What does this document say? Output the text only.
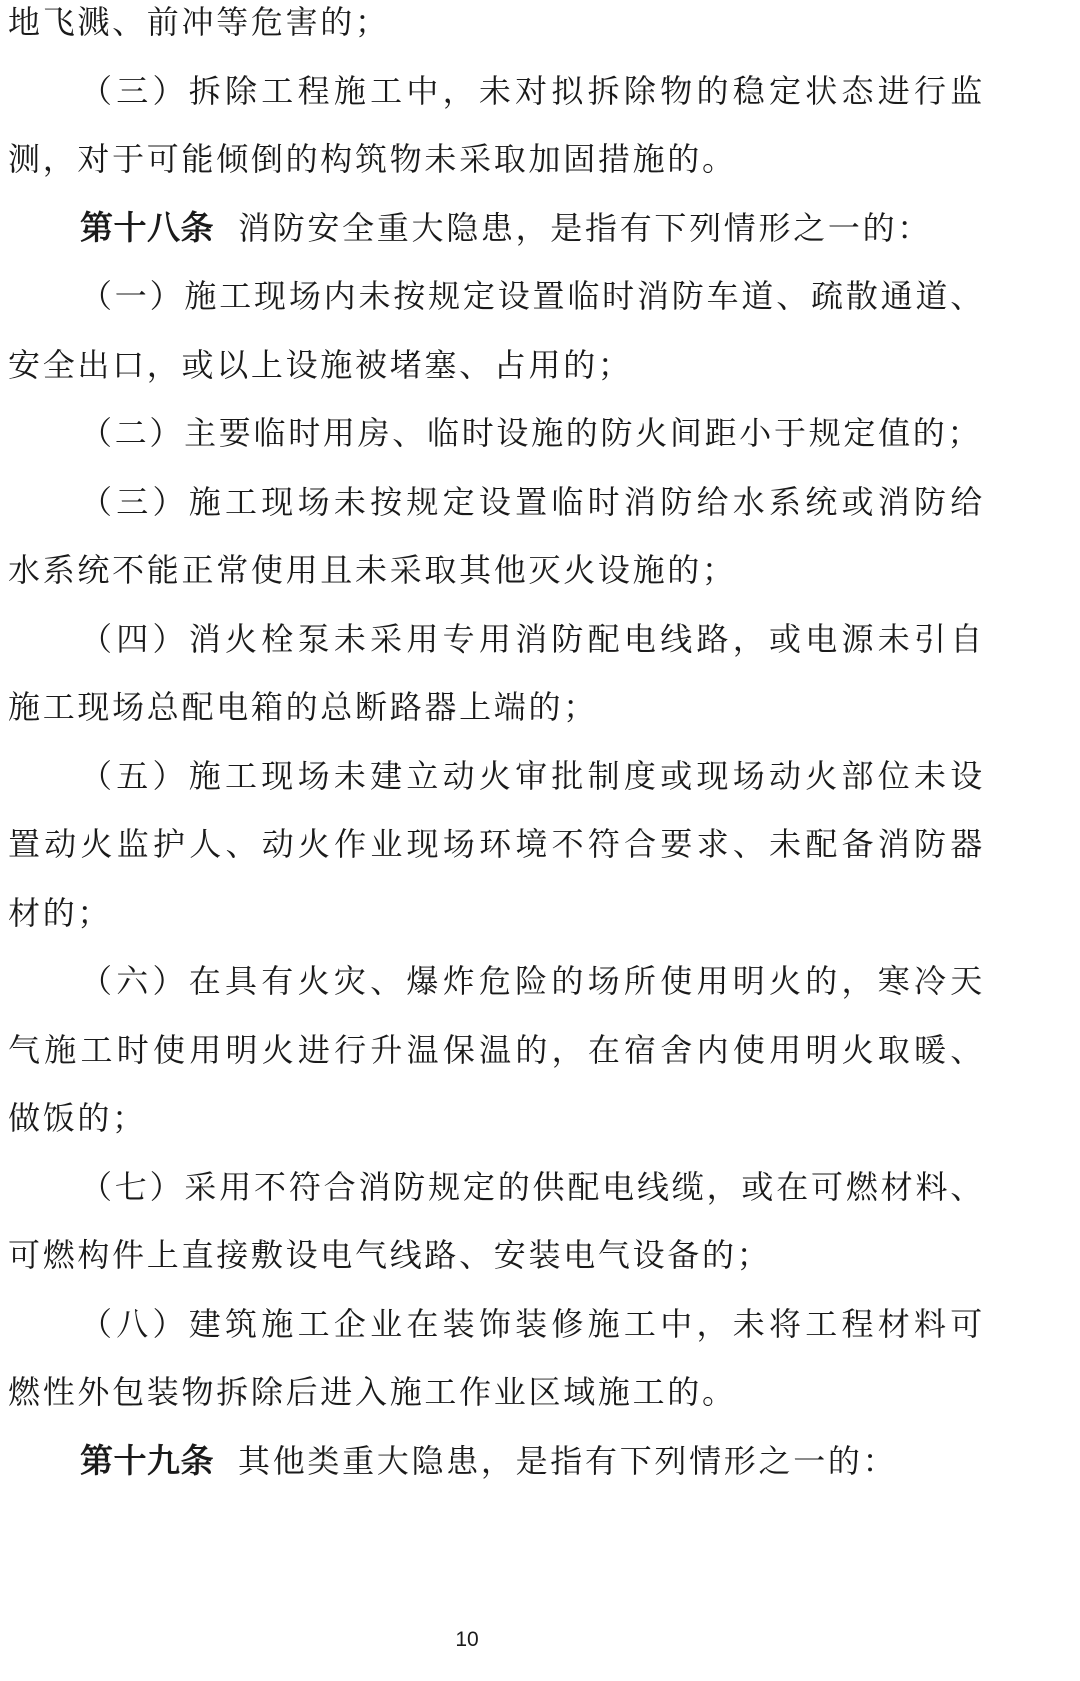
地飞溅、前冲等危害的；
（三）拆除工程施工中，未对拟拆除物的稳定状态进行监
测，对于可能倾倒的构筑物未采取加固措施的。
第十八条 消防安全重大隐患，是指有下列情形之一的：
（一）施工现场内未按规定设置临时消防车道、疏散通道、
安全出口，或以上设施被堵塞、占用的；
（二）主要临时用房、临时设施的防火间距小于规定值的；
（三）施工现场未按规定设置临时消防给水系统或消防给
水系统不能正常使用且未采取其他灭火设施的；
（四）消火栓泵未采用专用消防配电线路，或电源未引自
施工现场总配电箱的总断路器上端的；
（五）施工现场未建立动火审批制度或现场动火部位未设
置动火监护人、动火作业现场环境不符合要求、未配备消防器
材的；
（六）在具有火灾、爆炸危险的场所使用明火的，寒冷天
气施工时使用明火进行升温保温的，在宿舍内使用明火取暖、
做饭的；
（七）采用不符合消防规定的供配电线缆，或在可燃材料、
可燃构件上直接敷设电气线路、安装电气设备的；
（八）建筑施工企业在装饰装修施工中，未将工程材料可
燃性外包装物拆除后进入施工作业区域施工的。
第十九条 其他类重大隐患，是指有下列情形之一的：
10
